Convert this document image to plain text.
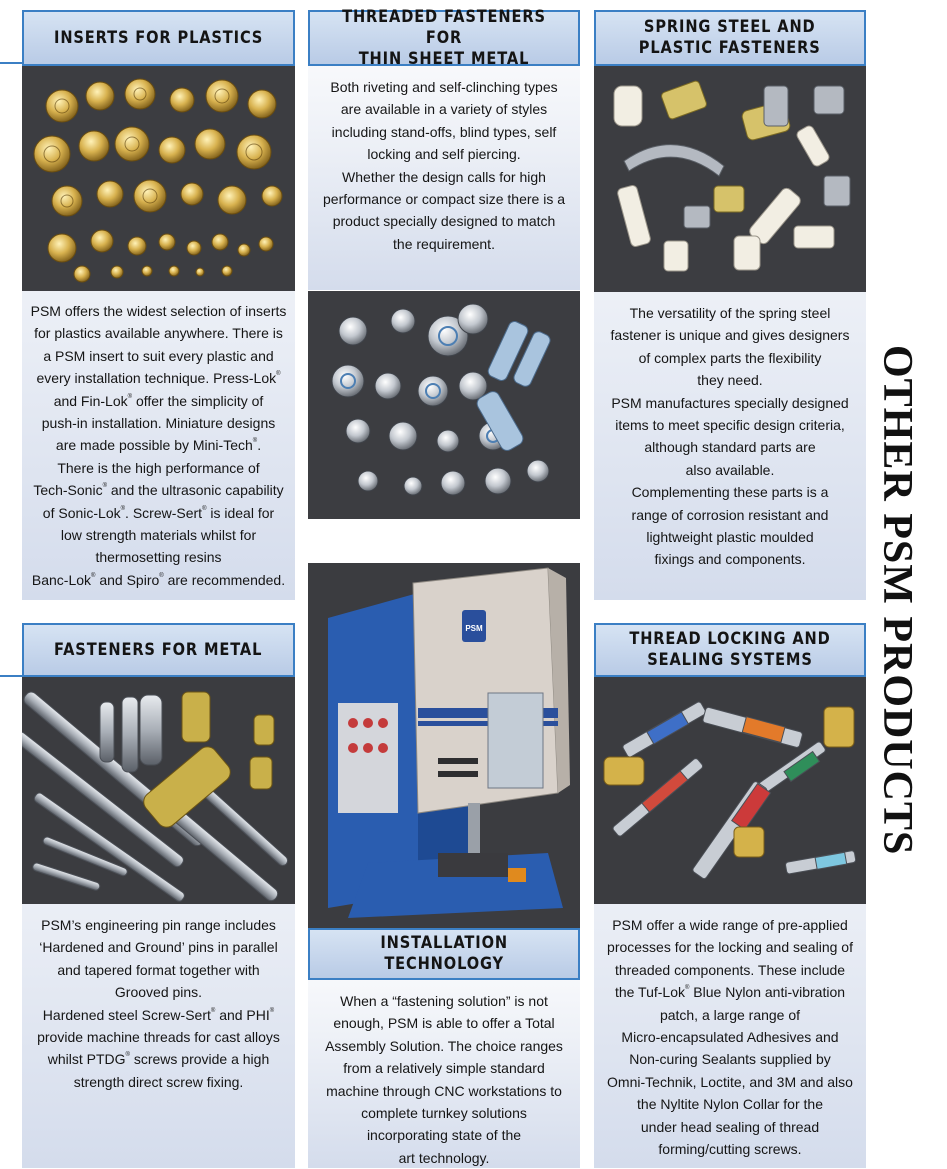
INSERTS FOR PLASTICS

PSM offers the widest selection of inserts

for plastics available anywhere. There is

a PSM insert to suit every plastic and

every installation technique. Press-Lok®

and Fin-Lok® offer the simplicity of

push-in installation. Miniature designs

are made possible by Mini-Tech®.

There is the high performance of

Tech-Sonic® and the ultrasonic capability

of Sonic-Lok®. Screw-Sert® is ideal for

low strength materials whilst for

thermosetting resins

Banc-Lok® and Spiro® are recommended.

FASTENERS FOR METAL

PSM’s engineering pin range includes

‘Hardened and Ground’ pins in parallel

and tapered format together with

Grooved pins.

Hardened steel Screw-Sert® and PHI®

provide machine threads for cast alloys

whilst PTDG® screws provide a high

strength direct screw fixing.

THREADED FASTENERS FOR
THIN SHEET METAL

Both riveting and self-clinching types

are available in a variety of styles

including stand-offs, blind types, self

locking and self piercing.

Whether the design calls for high

performance or compact size there is a

product specially designed to match

the requirement.

PSM
INSTALLATION
TECHNOLOGY

When a “fastening solution” is not

enough, PSM is able to offer a Total

Assembly Solution. The choice ranges

from a relatively simple standard

machine through CNC workstations to

complete turnkey solutions

incorporating state of the

art technology.

SPRING STEEL AND
PLASTIC FASTENERS

The versatility of the spring steel

fastener is unique and gives designers

of complex parts the flexibility

they need.

PSM manufactures specially designed

items to meet specific design criteria,

although standard parts are

also available.

Complementing these parts is a

range of corrosion resistant and

lightweight plastic moulded

fixings and components.

THREAD LOCKING AND
SEALING SYSTEMS

PSM offer a wide range of pre-applied

processes for the locking and sealing of

threaded components. These include

the Tuf-Lok® Blue Nylon anti-vibration

patch, a large range of

Micro-encapsulated Adhesives and

Non-curing Sealants supplied by

Omni-Technik, Loctite, and 3M and also

the Nyltite Nylon Collar for the

under head sealing of thread

forming/cutting screws.

OTHER PSM PRODUCTS
